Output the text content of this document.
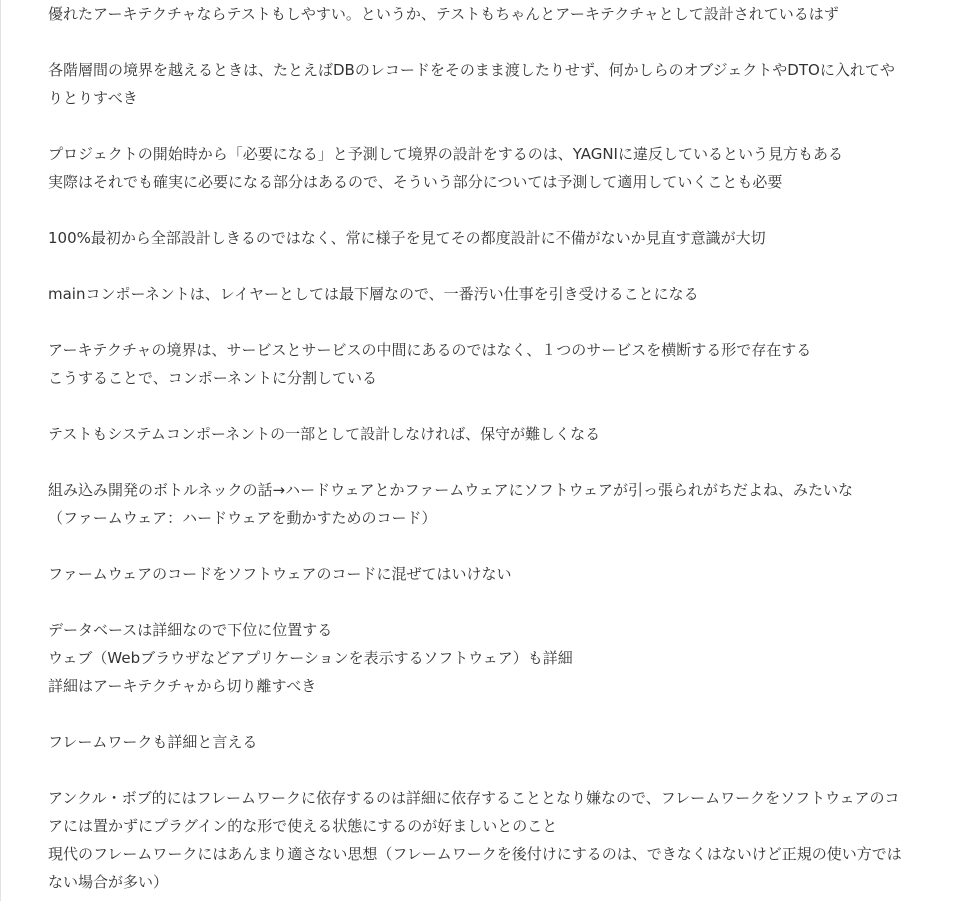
優れたアーキテクチャならテストもしやすい。というか、テストもちゃんとアーキテクチャとして設計されているはず

各階層間の境界を越えるときは、たとえばDBのレコードをそのまま渡したりせず、何かしらのオブジェクトやDTOに入れてやりとりすべき

プロジェクトの開始時から「必要になる」と予測して境界の設計をするのは、YAGNIに違反しているという見方もある
実際はそれでも確実に必要になる部分はあるので、そういう部分については予測して適用していくことも必要

100%最初から全部設計しきるのではなく、常に様子を見てその都度設計に不備がないか見直す意識が大切

mainコンポーネントは、レイヤーとしては最下層なので、一番汚い仕事を引き受けることになる

アーキテクチャの境界は、サービスとサービスの中間にあるのではなく、１つのサービスを横断する形で存在する
こうすることで、コンポーネントに分割している

テストもシステムコンポーネントの一部として設計しなければ、保守が難しくなる

組み込み開発のボトルネックの話→ハードウェアとかファームウェアにソフトウェアが引っ張られがちだよね、みたいな
（ファームウェア：ハードウェアを動かすためのコード）

ファームウェアのコードをソフトウェアのコードに混ぜてはいけない

データベースは詳細なので下位に位置する
ウェブ（Webブラウザなどアプリケーションを表示するソフトウェア）も詳細
詳細はアーキテクチャから切り離すべき

フレームワークも詳細と言える

アンクル・ボブ的にはフレームワークに依存するのは詳細に依存することとなり嫌なので、フレームワークをソフトウェアのコアには置かずにプラグイン的な形で使える状態にするのが好ましいとのこと
現代のフレームワークにはあんまり適さない思想（フレームワークを後付けにするのは、できなくはないけど正規の使い方ではない場合が多い）
